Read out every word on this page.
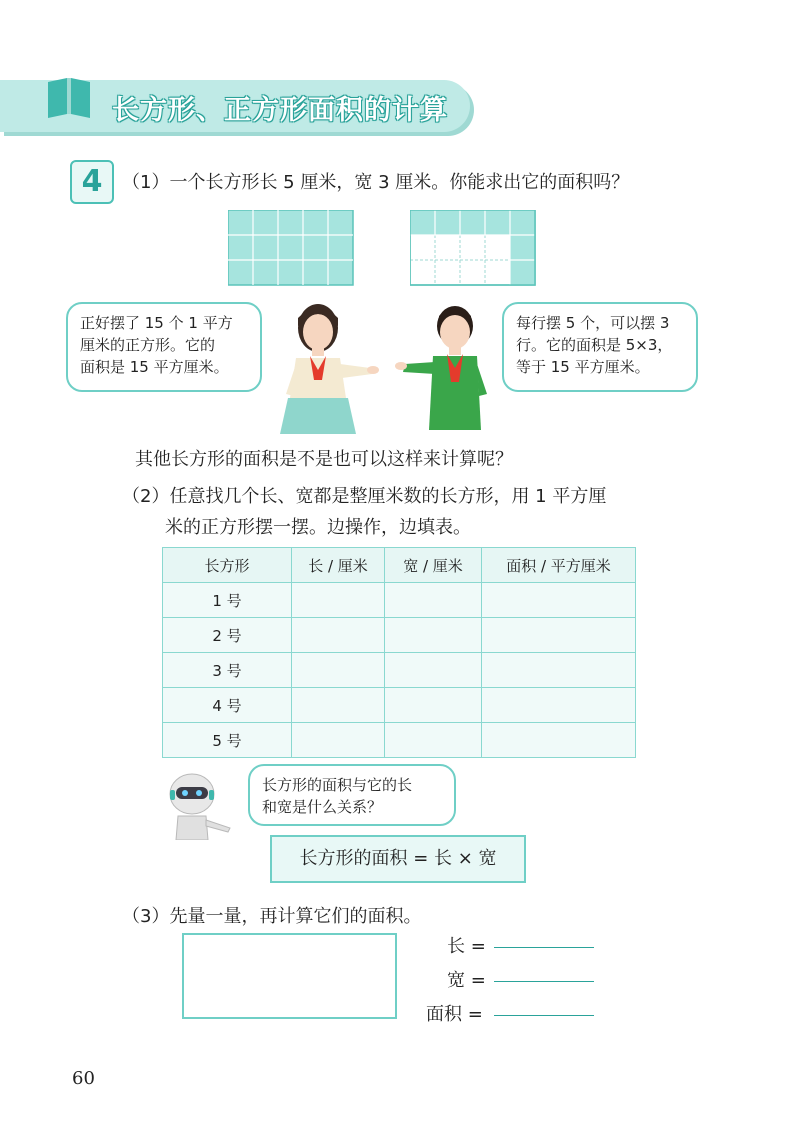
长方形、正方形面积的计算
4	（1）一个长方形长 5 厘米，宽 3 厘米。你能求出它的面积吗？
正好摆了 15 个 1 平方
厘米的正方形。它的
面积是 15 平方厘米。
每行摆 5 个，可以摆 3
行。它的面积是 5×3，
等于 15 平方厘米。
其他长方形的面积是不是也可以这样来计算呢？
（2）任意找几个长、宽都是整厘米数的长方形，用 1 平方厘
米的正方形摆一摆。边操作，边填表。
长方形	长 / 厘米	宽 / 厘米	面积 / 平方厘米
1 号			
2 号			
3 号			
4 号			
5 号			
长方形的面积与它的长
和宽是什么关系？
长方形的面积 = 长 × 宽
（3）先量一量，再计算它们的面积。
长 =
宽 =
面积 =
60
